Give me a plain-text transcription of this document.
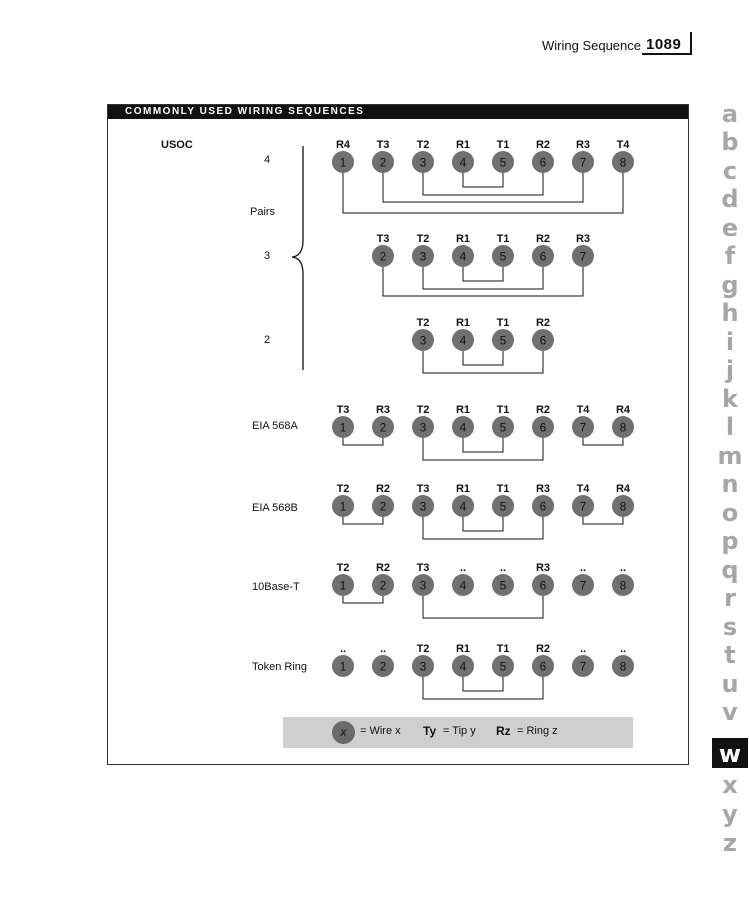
Wiring Sequence 1089
COMMONLY USED WIRING SEQUENCES
USOC
4
Pairs
3
2
EIA 568A
EIA 568B
10Base-T
Token Ring
R4
1
T3
2
T2
3
R1
4
T1
5
R2
6
R3
7
T4
8
T3
2
T2
3
R1
4
T1
5
R2
6
R3
7
T2
3
R1
4
T1
5
R2
6
T3
1
R3
2
T2
3
R1
4
T1
5
R2
6
T4
7
R4
8
T2
1
R2
2
T3
3
R1
4
T1
5
R3
6
T4
7
R4
8
T2
1
R2
2
T3
3
..
4
..
5
R3
6
..
7
..
8
..
1
..
2
T2
3
R1
4
T1
5
R2
6
..
7
..
8
x	= Wire x Ty = Tip y Rz = Ring z
a
b
c
d
e
f
g
h
i
j
k
l
m
n
o
p
q
r
s
t
u
v
w
x
y
z
